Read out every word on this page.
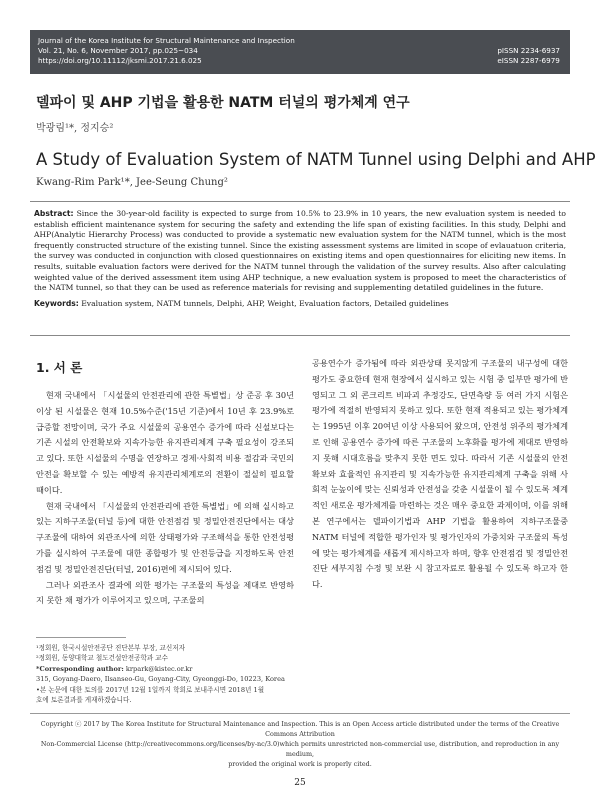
Journal of the Korea Institute for Structural Maintenance and Inspection
Vol. 21, No. 6, November 2017, pp.025~034
https://doi.org/10.11112/jksmi.2017.21.6.025
pISSN 2234-6937
eISSN 2287-6979
델파이 및 AHP 기법을 활용한 NATM 터널의 평가체계 연구
박광림¹*, 정지승²
A Study of Evaluation System of NATM Tunnel using Delphi and AHP
Kwang-Rim Park¹*, Jee-Seung Chung²

Abstract: Since the 30-year-old facility is expected to surge from 10.5% to 23.9% in 10 years, the new evaluation system is needed to establish efficient maintenance system for securing the safety and extending the life span of existing facilities. In this study, Delphi and AHP(Analytic Hierarchy Process) was conducted to provide a systematic new evaluation system for the NATM tunnel, which is the most frequently constructed structure of the existing tunnel. Since the existing assessment systems are limited in scope of evlauatuon criteria, the survey was conducted in conjunction with closed questionnaires on existing items and open questionnaires for eliciting new items. In results, suitable evaluation factors were derived for the NATM tunnel through the validation of the survey results. Also after calculating weighted value of the derived assessment item using AHP technique, a new evaluation system is proposed to meet the characteristics of the NATM tunnel, so that they can be used as reference materials for revising and supplementing detatiled guidelines in the future.

Keywords: Evaluation system, NATM tunnels, Delphi, AHP, Weight, Evaluation factors, Detailed guidelines

1. 서 론

현재 국내에서 「시설물의 안전관리에 관한 특별법」상 준공 후 30년 이상 된 시설물은 현재 10.5%수준('15년 기준)에서 10년 후 23.9%로 급증할 전망이며, 국가 주요 시설물의 공용연수 증가에 따라 신설보다는 기존 시설의 안전확보와 지속가능한 유지관리체계 구축 필요성이 강조되고 있다. 또한 시설물의 수명을 연장하고 경제·사회적 비용 절감과 국민의 안전을 확보할 수 있는 예방적 유지관리체계로의 전환이 절실히 필요할 때이다.

현재 국내에서 「시설물의 안전관리에 관한 특별법」에 의해 실시하고 있는 지하구조물(터널 등)에 대한 안전점검 및 정밀안전진단에서는 대상 구조물에 대하여 외관조사에 의한 상태평가와 구조해석을 통한 안전성평가를 실시하여 구조물에 대한 종합평가 및 안전등급을 지정하도록 안전점검 및 정밀안전진단(터널, 2016)편에 제시되어 있다.

그러나 외관조사 결과에 의한 평가는 구조물의 특성을 제대로 반영하지 못한 채 평가가 이루어지고 있으며, 구조물의

공용연수가 증가됨에 따라 외관상태 못지않게 구조물의 내구성에 대한 평가도 중요한데 현재 현장에서 실시하고 있는 시험 중 일부만 평가에 반영되고 그 외 콘크리트 비파괴 추정강도, 단면측량 등 여러 가지 시험은 평가에 적절히 반영되지 못하고 있다. 또한 현재 적용되고 있는 평가체계는 1995년 이후 20여년 이상 사용되어 왔으며, 안전성 위주의 평가체계로 인해 공용연수 증가에 따른 구조물의 노후화를 평가에 제대로 반영하지 못해 시대흐름을 맞추지 못한 면도 있다. 따라서 기존 시설물의 안전 확보와 효율적인 유지관리 및 지속가능한 유지관리체계 구축을 위해 사회적 눈높이에 맞는 신뢰성과 안전성을 갖춘 시설물이 될 수 있도록 체계적인 새로운 평가체계를 마련하는 것은 매우 중요한 과제이며, 이를 위해 본 연구에서는 델파이기법과 AHP 기법을 활용하여 지하구조물중 NATM 터널에 적합한 평가인자 및 평가인자의 가중치와 구조물의 특성에 맞는 평가체계를 새롭게 제시하고자 하며, 향후 안전점검 및 정밀안전진단 세부지침 수정 및 보완 시 참고자료로 활용될 수 있도록 하고자 한다.

¹정회원, 한국시설안전공단 진단본부 부장, 교신저자
²정회원, 동양대학교 철도건설안전공학과 교수
*Corresponding author: krpark@kistec.or.kr
315, Goyang-Daero, Ilsanseo-Gu, Goyang-City, Gyeonggi-Do, 10223, Korea
•본 논문에 대한 토의를 2017년 12월 1일까지 학회로 보내주시면 2018년 1월
호에 토론결과를 게재하겠습니다.
Copyright ⓒ 2017 by The Korea Institute for Structural Maintenance and Inspection. This is an Open Access article distributed under the terms of the Creative Commons Attribution
Non-Commercial License (http://creativecommons.org/licenses/by-nc/3.0)which permits unrestricted non-commercial use, distribution, and reproduction in any medium,
provided the original work is properly cited.
25
